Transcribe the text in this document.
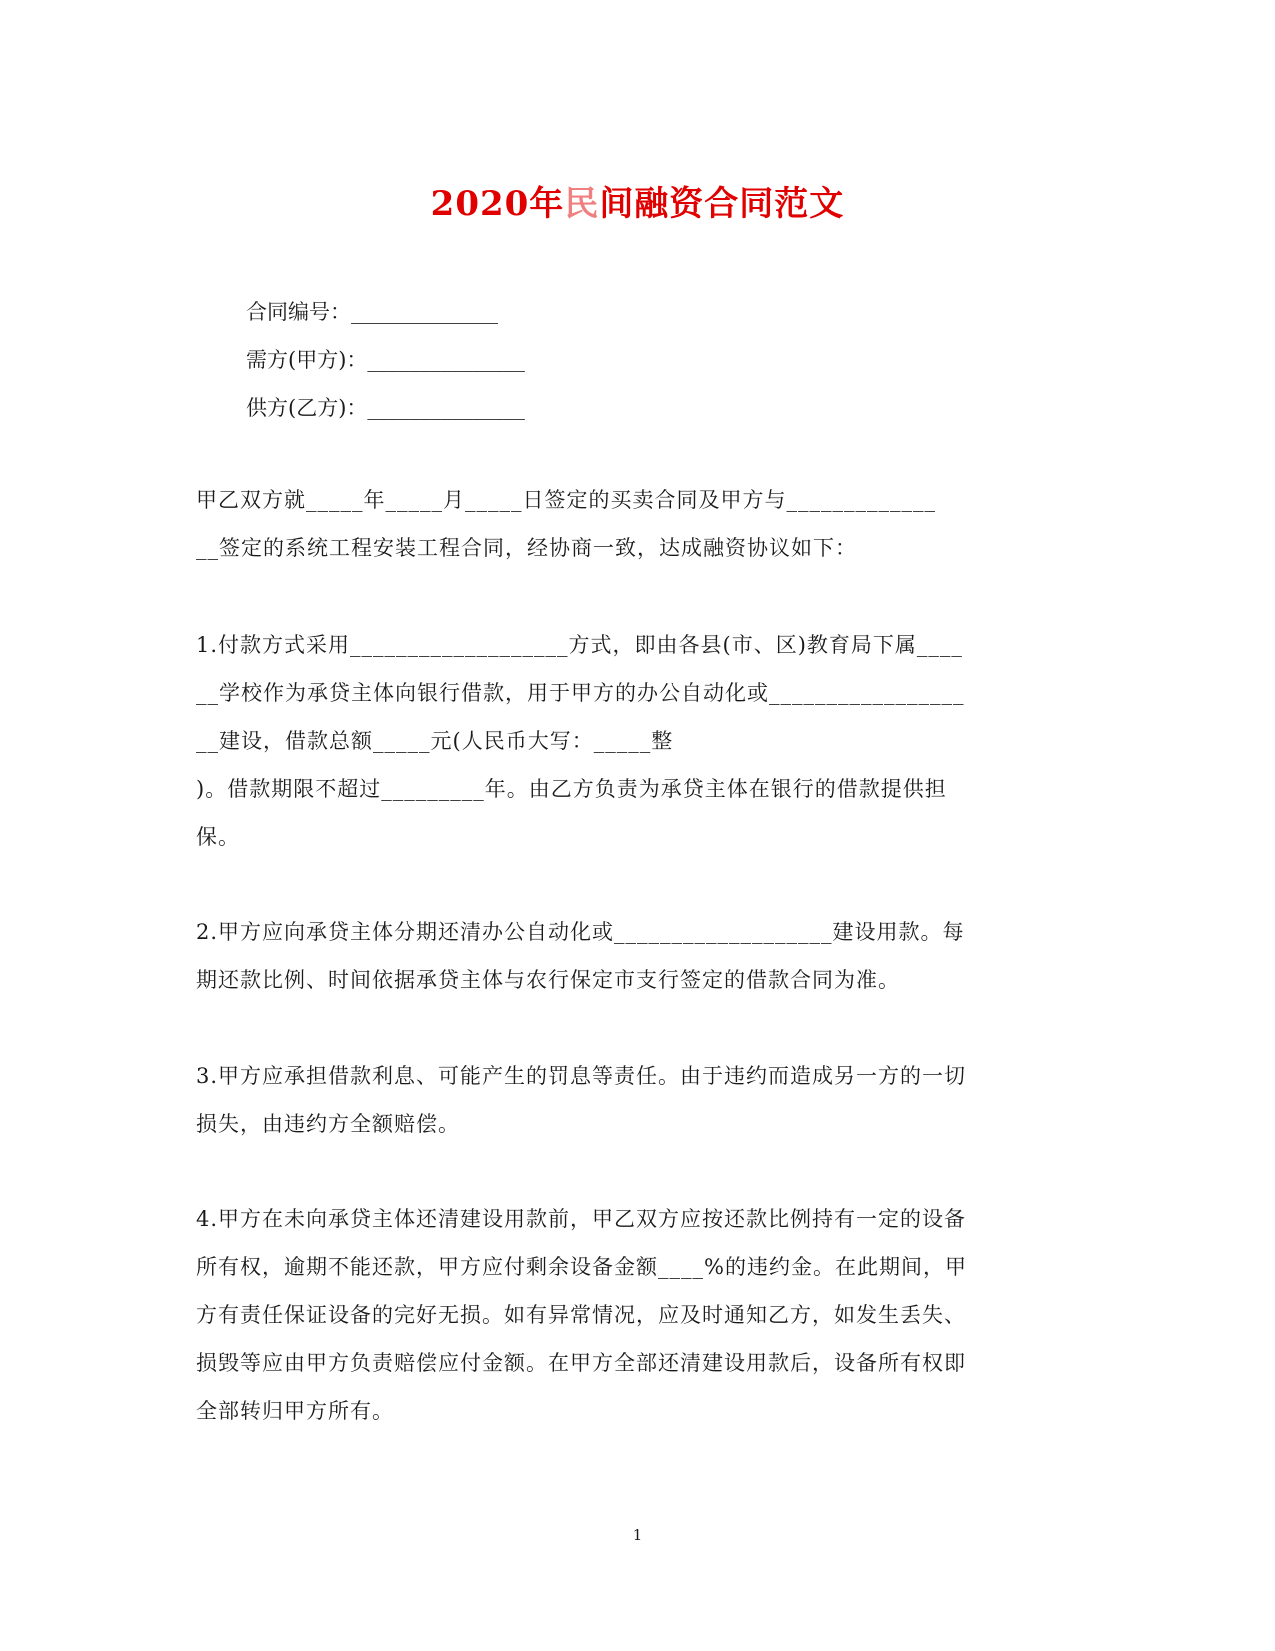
2020年民间融资合同范文
合同编号：______________
需方(甲方)：_______________
供方(乙方)：_______________

甲乙双方就_____年_____月_____日签定的买卖合同及甲方与_____________

__签定的系统工程安装工程合同，经协商一致，达成融资协议如下：

1.付款方式采用___________________方式，即由各县(市、区)教育局下属____

__学校作为承贷主体向银行借款，用于甲方的办公自动化或_________________

__建设，借款总额_____元(人民币大写：_____整

)。借款期限不超过_________年。由乙方负责为承贷主体在银行的借款提供担

保。

2.甲方应向承贷主体分期还清办公自动化或___________________建设用款。每

期还款比例、时间依据承贷主体与农行保定市支行签定的借款合同为准。

3.甲方应承担借款利息、可能产生的罚息等责任。由于违约而造成另一方的一切

损失，由违约方全额赔偿。

4.甲方在未向承贷主体还清建设用款前，甲乙双方应按还款比例持有一定的设备

所有权，逾期不能还款，甲方应付剩余设备金额____%的违约金。在此期间，甲

方有责任保证设备的完好无损。如有异常情况，应及时通知乙方，如发生丢失、

损毁等应由甲方负责赔偿应付金额。在甲方全部还清建设用款后，设备所有权即

全部转归甲方所有。

1
